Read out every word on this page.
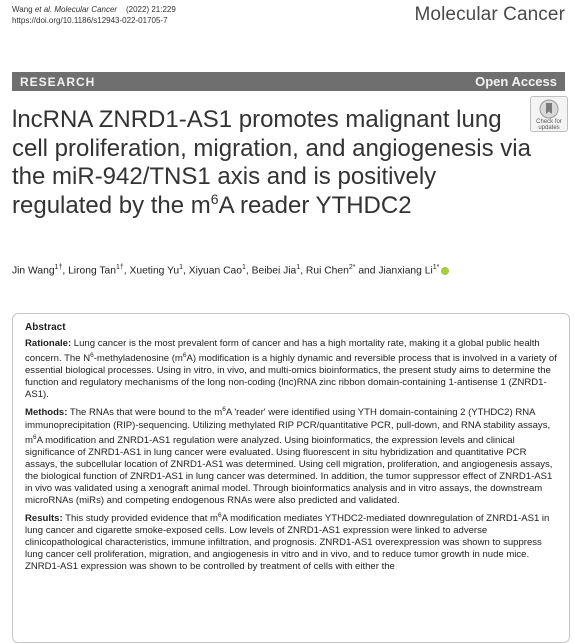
Wang et al. Molecular Cancer (2022) 21:229
https://doi.org/10.1186/s12943-022-01705-7	Molecular Cancer
RESEARCH	Open Access
Check for
updates
lncRNA ZNRD1-AS1 promotes malignant lung cell proliferation, migration, and angiogenesis via the miR-942/TNS1 axis and is positively regulated by the $m^6A$ reader YTHDC2
Jin Wang$^{1\dagger}$, Lirong Tan$^{1\dagger}$, Xueting Yu$^1$, Xiyuan Cao$^1$, Beibei Jia$^1$, Rui Chen$^{2*}$ and Jianxiang $Li^{1*}$

Abstract

Rationale: Lung cancer is the most prevalent form of cancer and has a high mortality rate, making it a global public health concern. The $N^6$-methyladenosine $(m^6A)$ modification is a highly dynamic and reversible process that is involved in a variety of essential biological processes. Using in vitro, in vivo, and multi-omics bioinformatics, the present study aims to determine the function and regulatory mechanisms of the long non-coding (lnc)RNA zinc ribbon domain-containing 1-antisense 1 (ZNRD1-AS1).

Methods: The RNAs that were bound to the $m^6A$ 'reader' were identified using YTH domain-containing 2 (YTHDC2) RNA immunoprecipitation (RIP)-sequencing. Utilizing methylated RIP PCR/quantitative PCR, pull-down, and RNA stability assays, $m^6A$ modification and ZNRD1-AS1 regulation were analyzed. Using bioinformatics, the expression levels and clinical significance of ZNRD1-AS1 in lung cancer were evaluated. Using fluorescent in situ hybridization and quantitative PCR assays, the subcellular location of ZNRD1-AS1 was determined. Using cell migration, proliferation, and angiogenesis assays, the biological function of ZNRD1-AS1 in lung cancer was determined. In addition, the tumor suppressor effect of ZNRD1-AS1 in vivo was validated using a xenograft animal model. Through bioinformatics analysis and in vitro assays, the downstream microRNAs (miRs) and competing endogenous RNAs were also predicted and validated.

Results: This study provided evidence that $m^6A$ modification mediates YTHDC2-mediated downregulation of ZNRD1-AS1 in lung cancer and cigarette smoke-exposed cells. Low levels of ZNRD1-AS1 expression were linked to adverse clinicopathological characteristics, immune infiltration, and prognosis. ZNRD1-AS1 overexpression was shown to suppress lung cancer cell proliferation, migration, and angiogenesis in vitro and in vivo, and to reduce tumor growth in nude mice. ZNRD1-AS1 expression was shown to be controlled by treatment of cells with either the
